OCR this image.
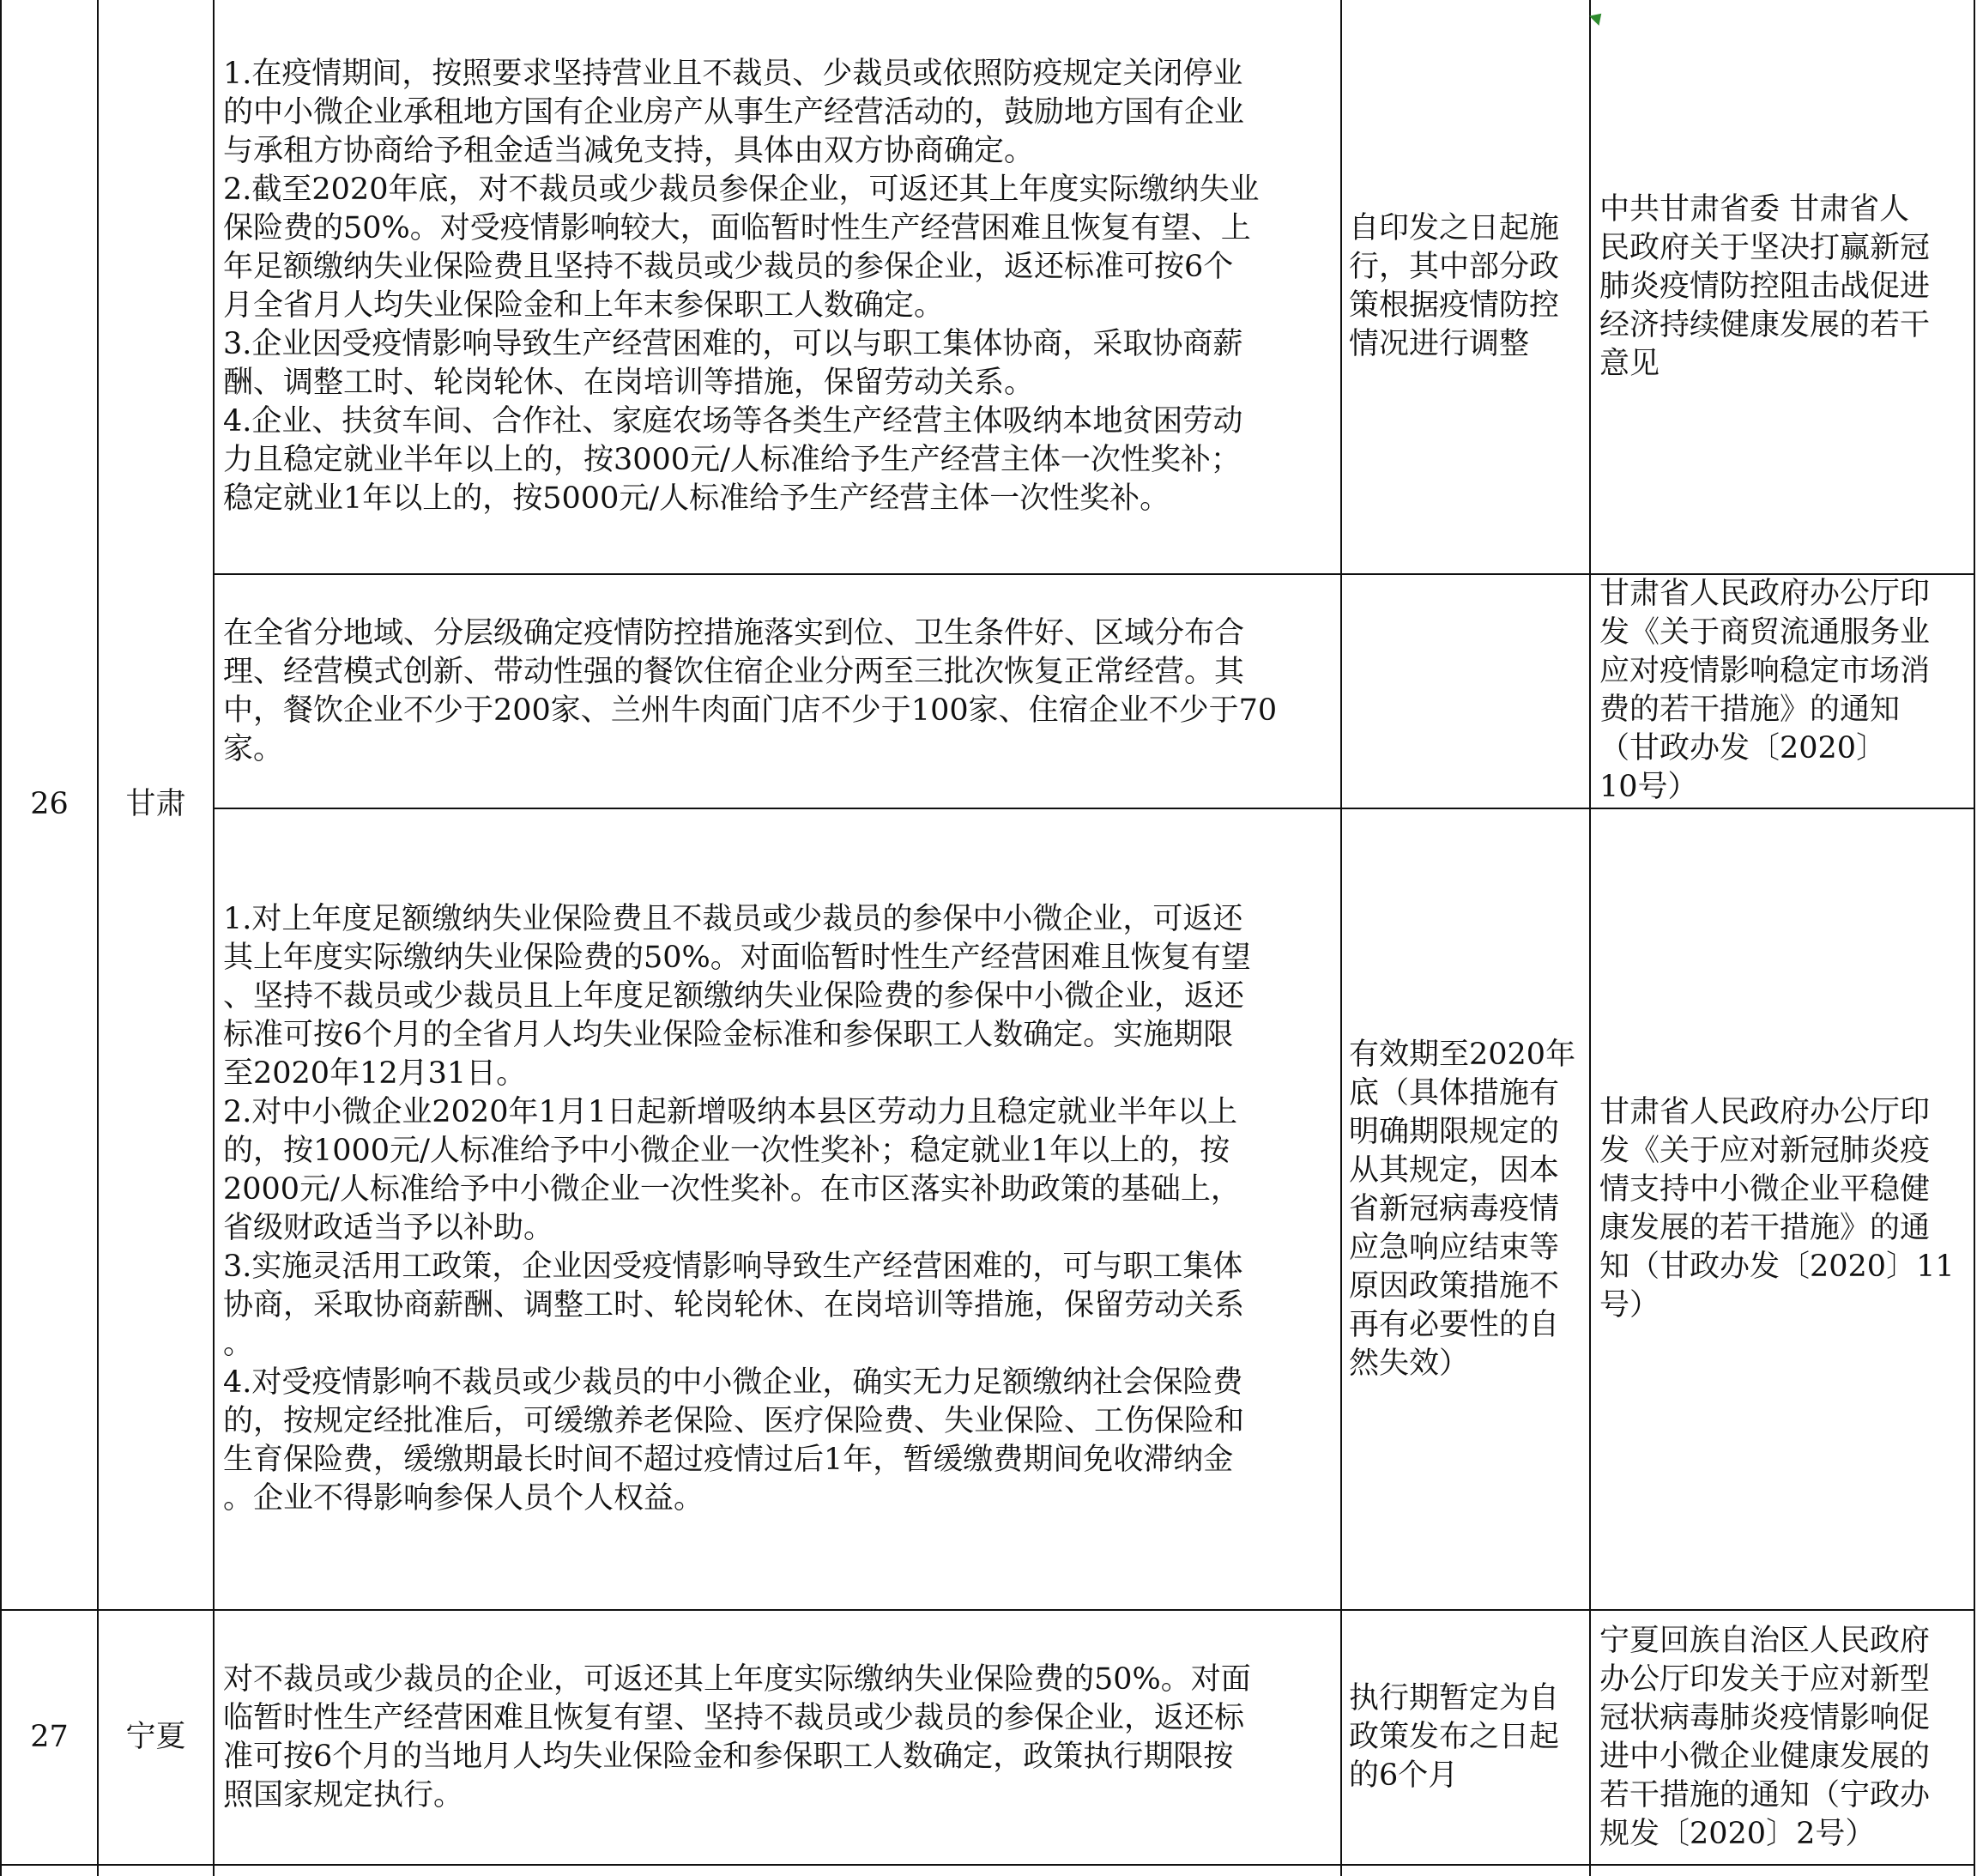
26 甘肃
1.在疫情期间，按照要求坚持营业且不裁员、少裁员或依照防疫规定关闭停业
的中小微企业承租地方国有企业房产从事生产经营活动的，鼓励地方国有企业
与承租方协商给予租金适当减免支持，具体由双方协商确定。
2.截至2020年底，对不裁员或少裁员参保企业，可返还其上年度实际缴纳失业
保险费的50%。对受疫情影响较大，面临暂时性生产经营困难且恢复有望、上
年足额缴纳失业保险费且坚持不裁员或少裁员的参保企业，返还标准可按6个
月全省月人均失业保险金和上年末参保职工人数确定。
3.企业因受疫情影响导致生产经营困难的，可以与职工集体协商，采取协商薪
酬、调整工时、轮岗轮休、在岗培训等措施，保留劳动关系。
4.企业、扶贫车间、合作社、家庭农场等各类生产经营主体吸纳本地贫困劳动
力且稳定就业半年以上的，按3000元/人标准给予生产经营主体一次性奖补；
稳定就业1年以上的，按5000元/人标准给予生产经营主体一次性奖补。
自印发之日起施
行，其中部分政
策根据疫情防控
情况进行调整
中共甘肃省委 甘肃省人
民政府关于坚决打赢新冠
肺炎疫情防控阻击战促进
经济持续健康发展的若干
意见
在全省分地域、分层级确定疫情防控措施落实到位、卫生条件好、区域分布合
理、经营模式创新、带动性强的餐饮住宿企业分两至三批次恢复正常经营。其
中，餐饮企业不少于200家、兰州牛肉面门店不少于100家、住宿企业不少于70
家。
甘肃省人民政府办公厅印
发《关于商贸流通服务业
应对疫情影响稳定市场消
费的若干措施》的通知
（甘政办发〔2020〕
10号）
1.对上年度足额缴纳失业保险费且不裁员或少裁员的参保中小微企业，可返还
其上年度实际缴纳失业保险费的50%。对面临暂时性生产经营困难且恢复有望
、坚持不裁员或少裁员且上年度足额缴纳失业保险费的参保中小微企业，返还
标准可按6个月的全省月人均失业保险金标准和参保职工人数确定。实施期限
至2020年12月31日。
2.对中小微企业2020年1月1日起新增吸纳本县区劳动力且稳定就业半年以上
的，按1000元/人标准给予中小微企业一次性奖补；稳定就业1年以上的，按
2000元/人标准给予中小微企业一次性奖补。在市区落实补助政策的基础上，
省级财政适当予以补助。
3.实施灵活用工政策，企业因受疫情影响导致生产经营困难的，可与职工集体
协商，采取协商薪酬、调整工时、轮岗轮休、在岗培训等措施，保留劳动关系
。
4.对受疫情影响不裁员或少裁员的中小微企业，确实无力足额缴纳社会保险费
的，按规定经批准后，可缓缴养老保险、医疗保险费、失业保险、工伤保险和
生育保险费，缓缴期最长时间不超过疫情过后1年，暂缓缴费期间免收滞纳金
。企业不得影响参保人员个人权益。
有效期至2020年
底（具体措施有
明确期限规定的
从其规定，因本
省新冠病毒疫情
应急响应结束等
原因政策措施不
再有必要性的自
然失效）
甘肃省人民政府办公厅印
发《关于应对新冠肺炎疫
情支持中小微企业平稳健
康发展的若干措施》的通
知（甘政办发〔2020〕11
号）
27 宁夏
对不裁员或少裁员的企业，可返还其上年度实际缴纳失业保险费的50%。对面
临暂时性生产经营困难且恢复有望、坚持不裁员或少裁员的参保企业，返还标
准可按6个月的当地月人均失业保险金和参保职工人数确定，政策执行期限按
照国家规定执行。
执行期暂定为自
政策发布之日起
的6个月
宁夏回族自治区人民政府
办公厅印发关于应对新型
冠状病毒肺炎疫情影响促
进中小微企业健康发展的
若干措施的通知（宁政办
规发〔2020〕2号）
